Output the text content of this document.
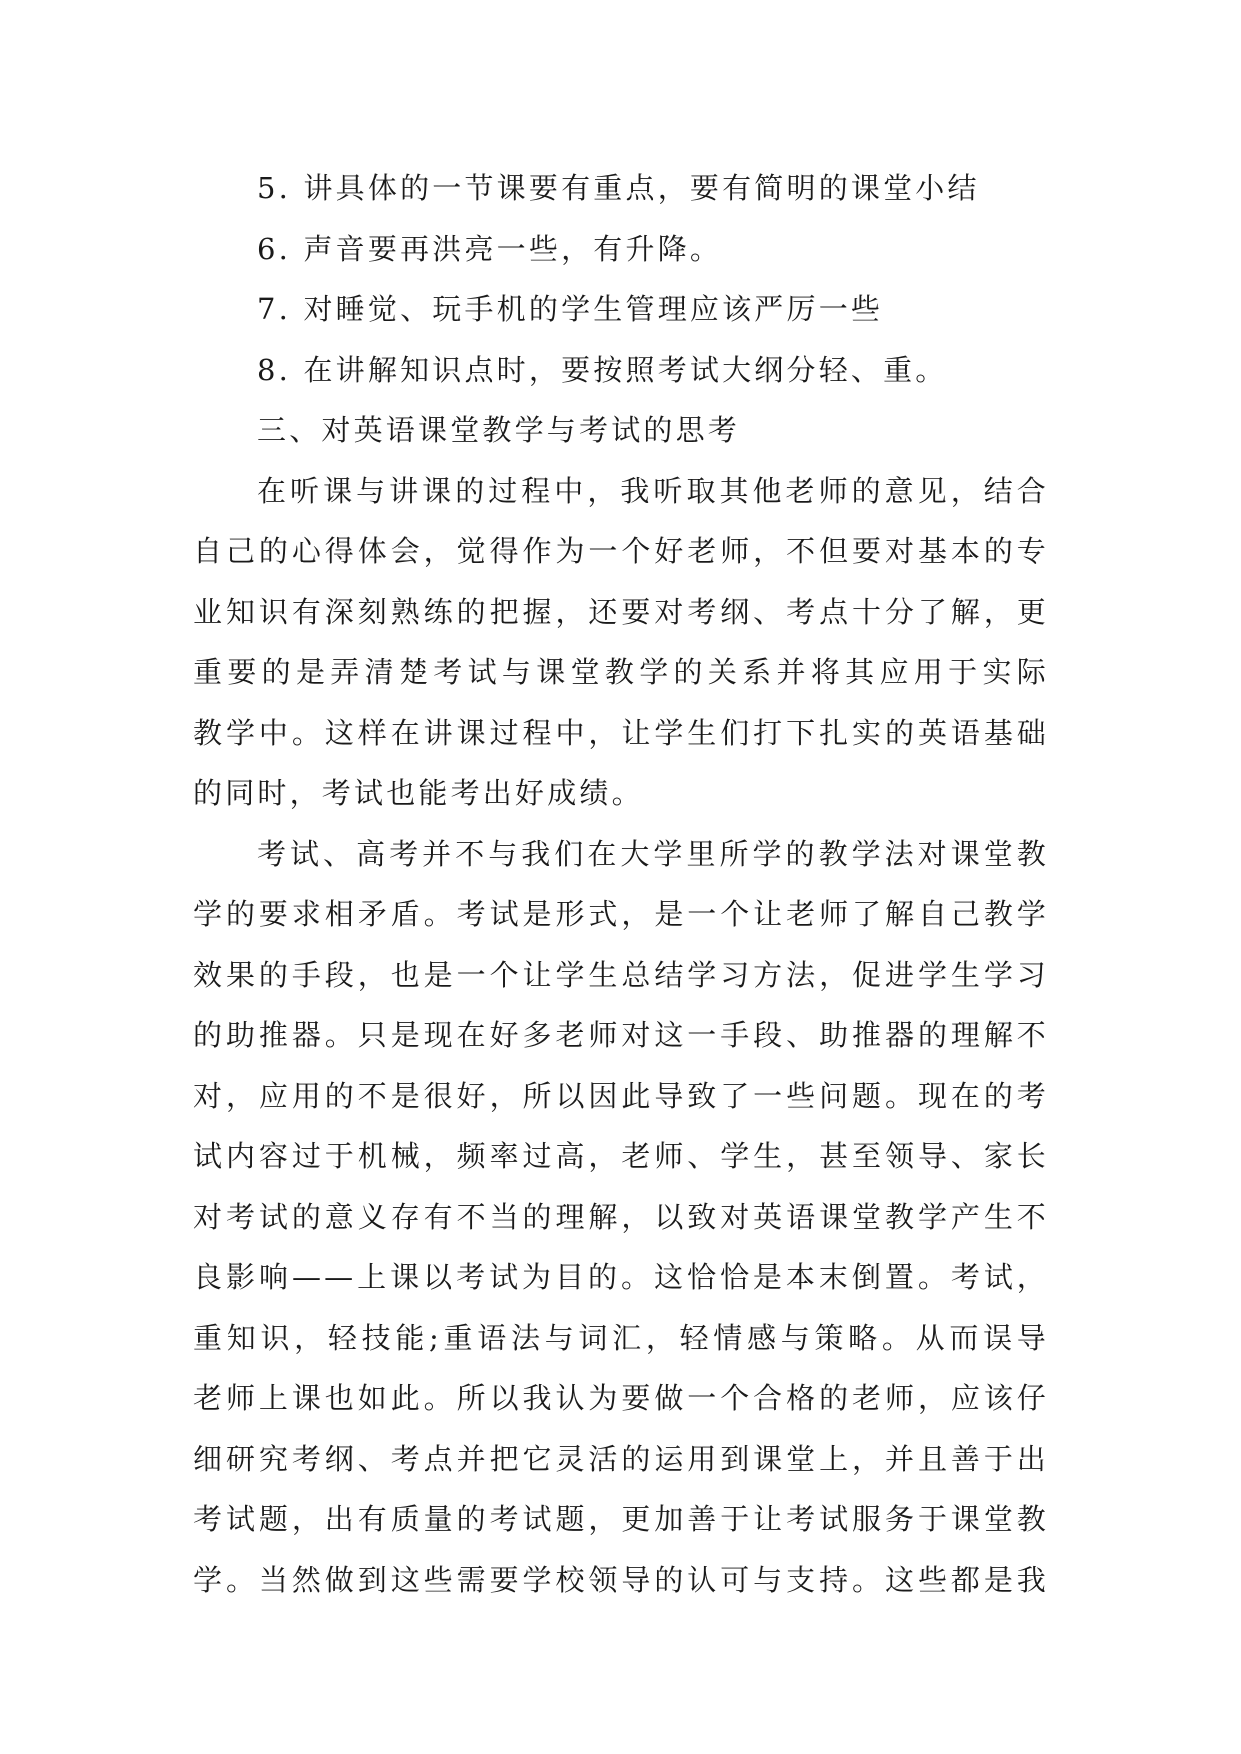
5. 讲具体的一节课要有重点，要有简明的课堂小结
6. 声音要再洪亮一些，有升降。
7. 对睡觉、玩手机的学生管理应该严厉一些
8. 在讲解知识点时，要按照考试大纲分轻、重。
三、对英语课堂教学与考试的思考
在听课与讲课的过程中，我听取其他老师的意见，结合
自己的心得体会，觉得作为一个好老师，不但要对基本的专
业知识有深刻熟练的把握，还要对考纲、考点十分了解，更
重要的是弄清楚考试与课堂教学的关系并将其应用于实际
教学中。这样在讲课过程中，让学生们打下扎实的英语基础
的同时，考试也能考出好成绩。
考试、高考并不与我们在大学里所学的教学法对课堂教
学的要求相矛盾。考试是形式，是一个让老师了解自己教学
效果的手段，也是一个让学生总结学习方法，促进学生学习
的助推器。只是现在好多老师对这一手段、助推器的理解不
对，应用的不是很好，所以因此导致了一些问题。现在的考
试内容过于机械，频率过高，老师、学生，甚至领导、家长
对考试的意义存有不当的理解，以致对英语课堂教学产生不
良影响——上课以考试为目的。这恰恰是本末倒置。考试，
重知识，轻技能;重语法与词汇，轻情感与策略。从而误导
老师上课也如此。所以我认为要做一个合格的老师，应该仔
细研究考纲、考点并把它灵活的运用到课堂上，并且善于出
考试题，出有质量的考试题，更加善于让考试服务于课堂教
学。当然做到这些需要学校领导的认可与支持。这些都是我
